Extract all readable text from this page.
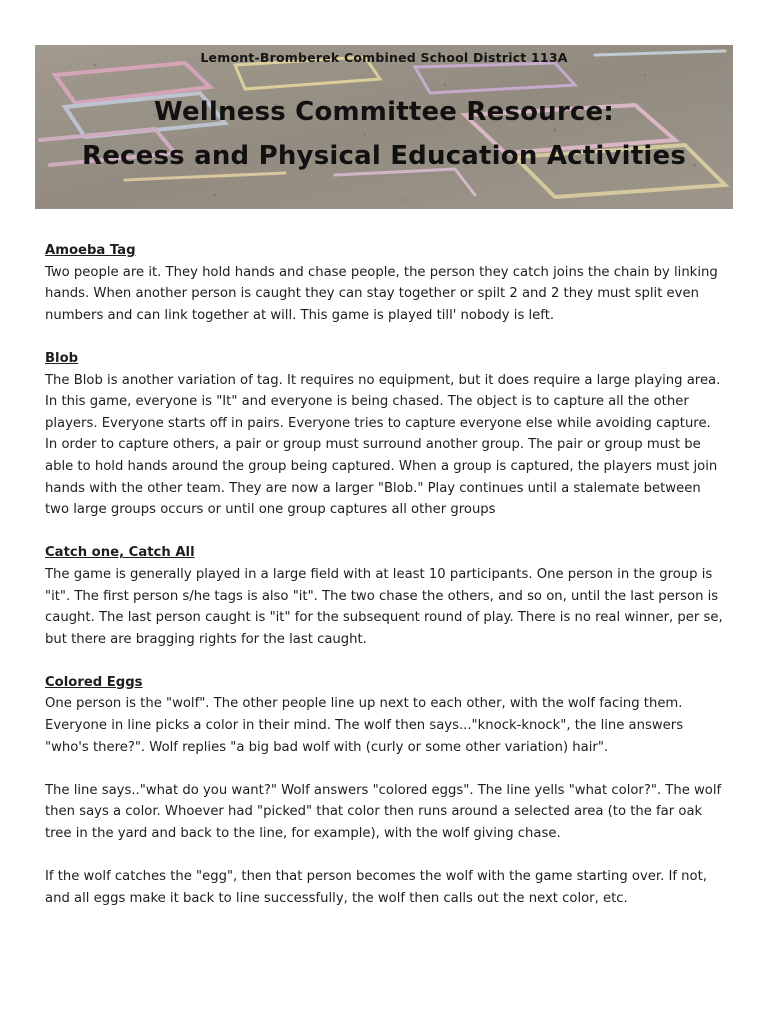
Lemont-Bromberek Combined School District 113A
Wellness Committee Resource:
Recess and Physical Education Activities
Amoeba Tag
Two people are it. They hold hands and chase people, the person they catch joins the chain by linking hands. When another person is caught they can stay together or spilt 2 and 2 they must split even numbers and can link together at will. This game is played till' nobody is left.
Blob
The Blob is another variation of tag. It requires no equipment, but it does require a large playing area. In this game, everyone is "It" and everyone is being chased. The object is to capture all the other players. Everyone starts off in pairs. Everyone tries to capture everyone else while avoiding capture. In order to capture others, a pair or group must surround another group. The pair or group must be able to hold hands around the group being captured. When a group is captured, the players must join hands with the other team. They are now a larger "Blob." Play continues until a stalemate between two large groups occurs or until one group captures all other groups
Catch one, Catch All
The game is generally played in a large field with at least 10 participants. One person in the group is "it". The first person s/he tags is also "it". The two chase the others, and so on, until the last person is caught. The last person caught is "it" for the subsequent round of play. There is no real winner, per se, but there are bragging rights for the last caught.
Colored Eggs
One person is the "wolf". The other people line up next to each other, with the wolf facing them. Everyone in line picks a color in their mind. The wolf then says..."knock-knock", the line answers "who's there?". Wolf replies "a big bad wolf with (curly or some other variation) hair".
The line says.."what do you want?" Wolf answers "colored eggs". The line yells "what color?". The wolf then says a color. Whoever had "picked" that color then runs around a selected area (to the far oak tree in the yard and back to the line, for example), with the wolf giving chase.
If the wolf catches the "egg", then that person becomes the wolf with the game starting over. If not, and all eggs make it back to line successfully, the wolf then calls out the next color, etc.
